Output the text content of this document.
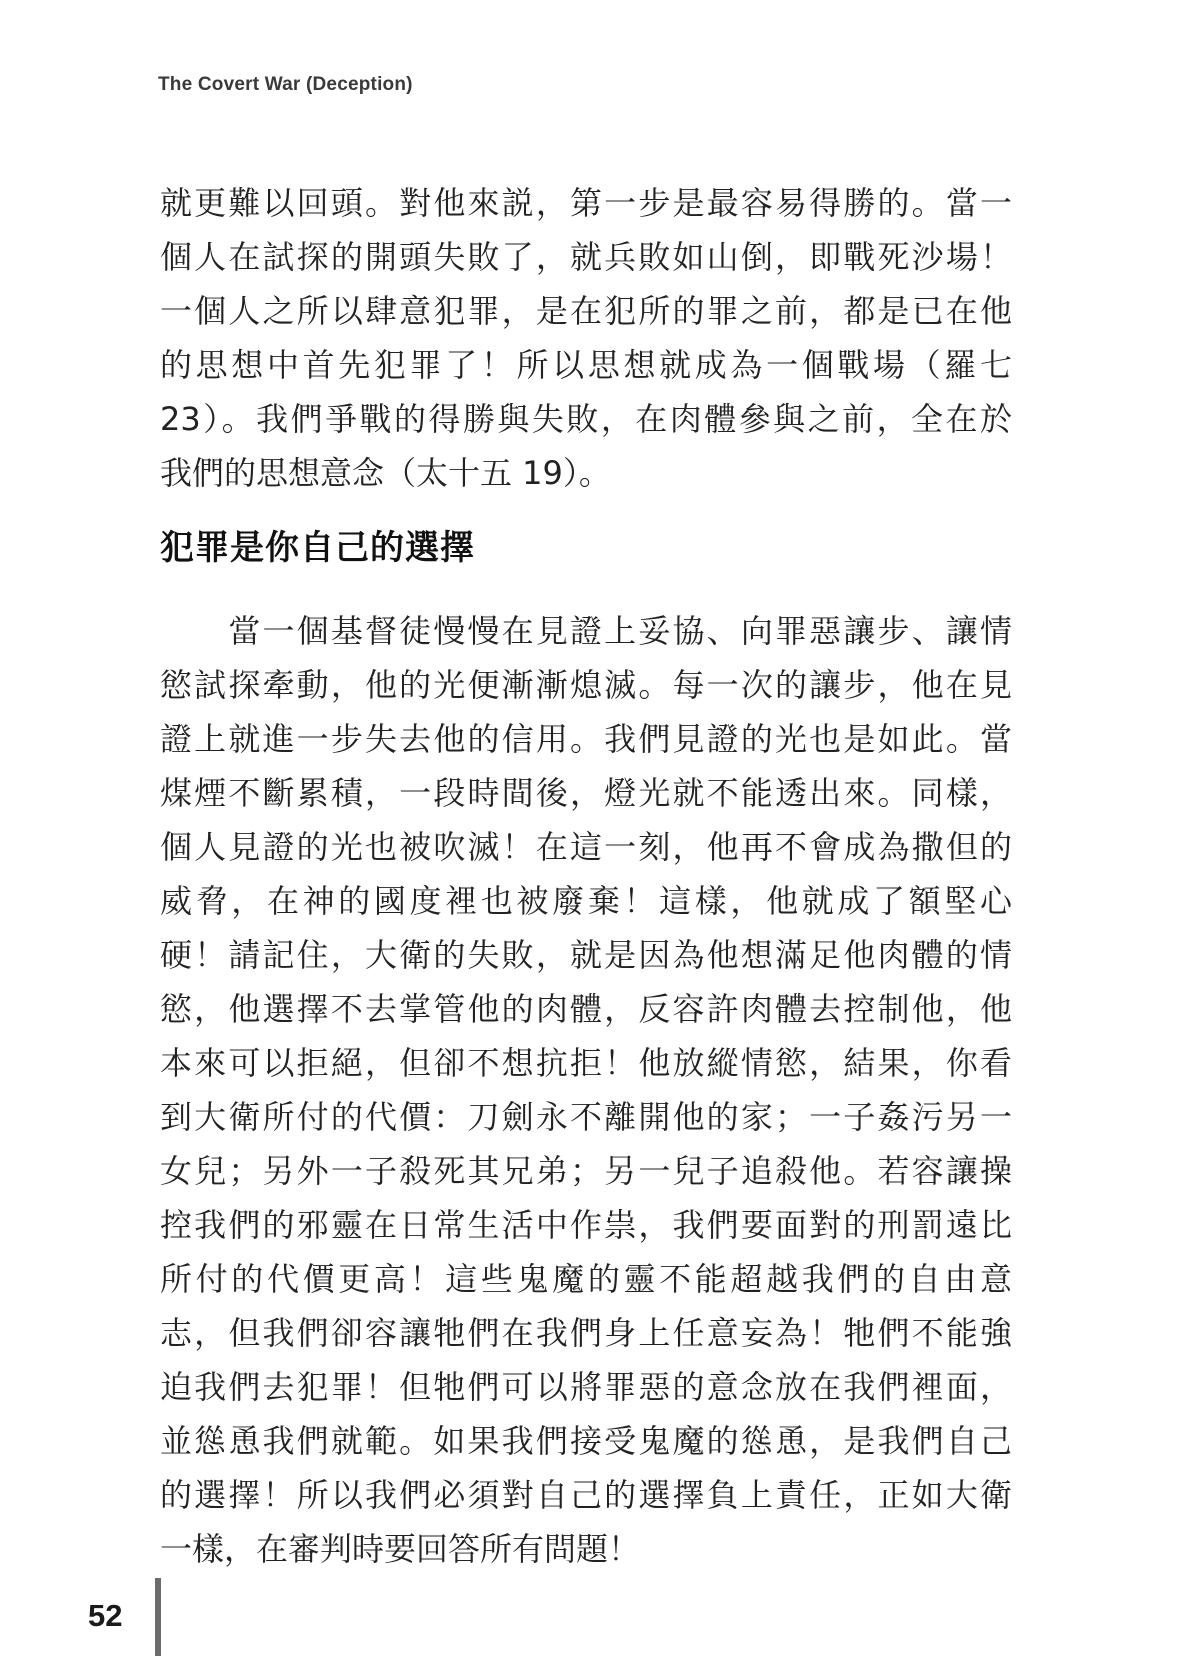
The Covert War (Deception)
就更難以回頭。對他來説，第一步是最容易得勝的。當一
個人在試探的開頭失敗了，就兵敗如山倒，即戰死沙場！
一個人之所以肆意犯罪，是在犯所的罪之前，都是已在他
的思想中首先犯罪了！所以思想就成為一個戰場（羅七
23）。我們爭戰的得勝與失敗，在肉體參與之前，全在於
我們的思想意念（太十五 19）。
犯罪是你自己的選擇
　　當一個基督徒慢慢在見證上妥協、向罪惡讓步、讓情
慾試探牽動，他的光便漸漸熄滅。每一次的讓步，他在見
證上就進一步失去他的信用。我們見證的光也是如此。當
煤煙不斷累積，一段時間後，燈光就不能透出來。同樣，
個人見證的光也被吹滅！在這一刻，他再不會成為撒但的
威脅，在神的國度裡也被廢棄！這樣，他就成了額堅心
硬！請記住，大衛的失敗，就是因為他想滿足他肉體的情
慾，他選擇不去掌管他的肉體，反容許肉體去控制他，他
本來可以拒絕，但卻不想抗拒！他放縱情慾，結果，你看
到大衛所付的代價：刀劍永不離開他的家；一子姦污另一
女兒；另外一子殺死其兄弟；另一兒子追殺他。若容讓操
控我們的邪靈在日常生活中作祟，我們要面對的刑罰遠比
所付的代價更高！這些鬼魔的靈不能超越我們的自由意
志，但我們卻容讓牠們在我們身上任意妄為！牠們不能強
迫我們去犯罪！但牠們可以將罪惡的意念放在我們裡面，
並慫恿我們就範。如果我們接受鬼魔的慫恿，是我們自己
的選擇！所以我們必須對自己的選擇負上責任，正如大衛
一樣，在審判時要回答所有問題！
52
